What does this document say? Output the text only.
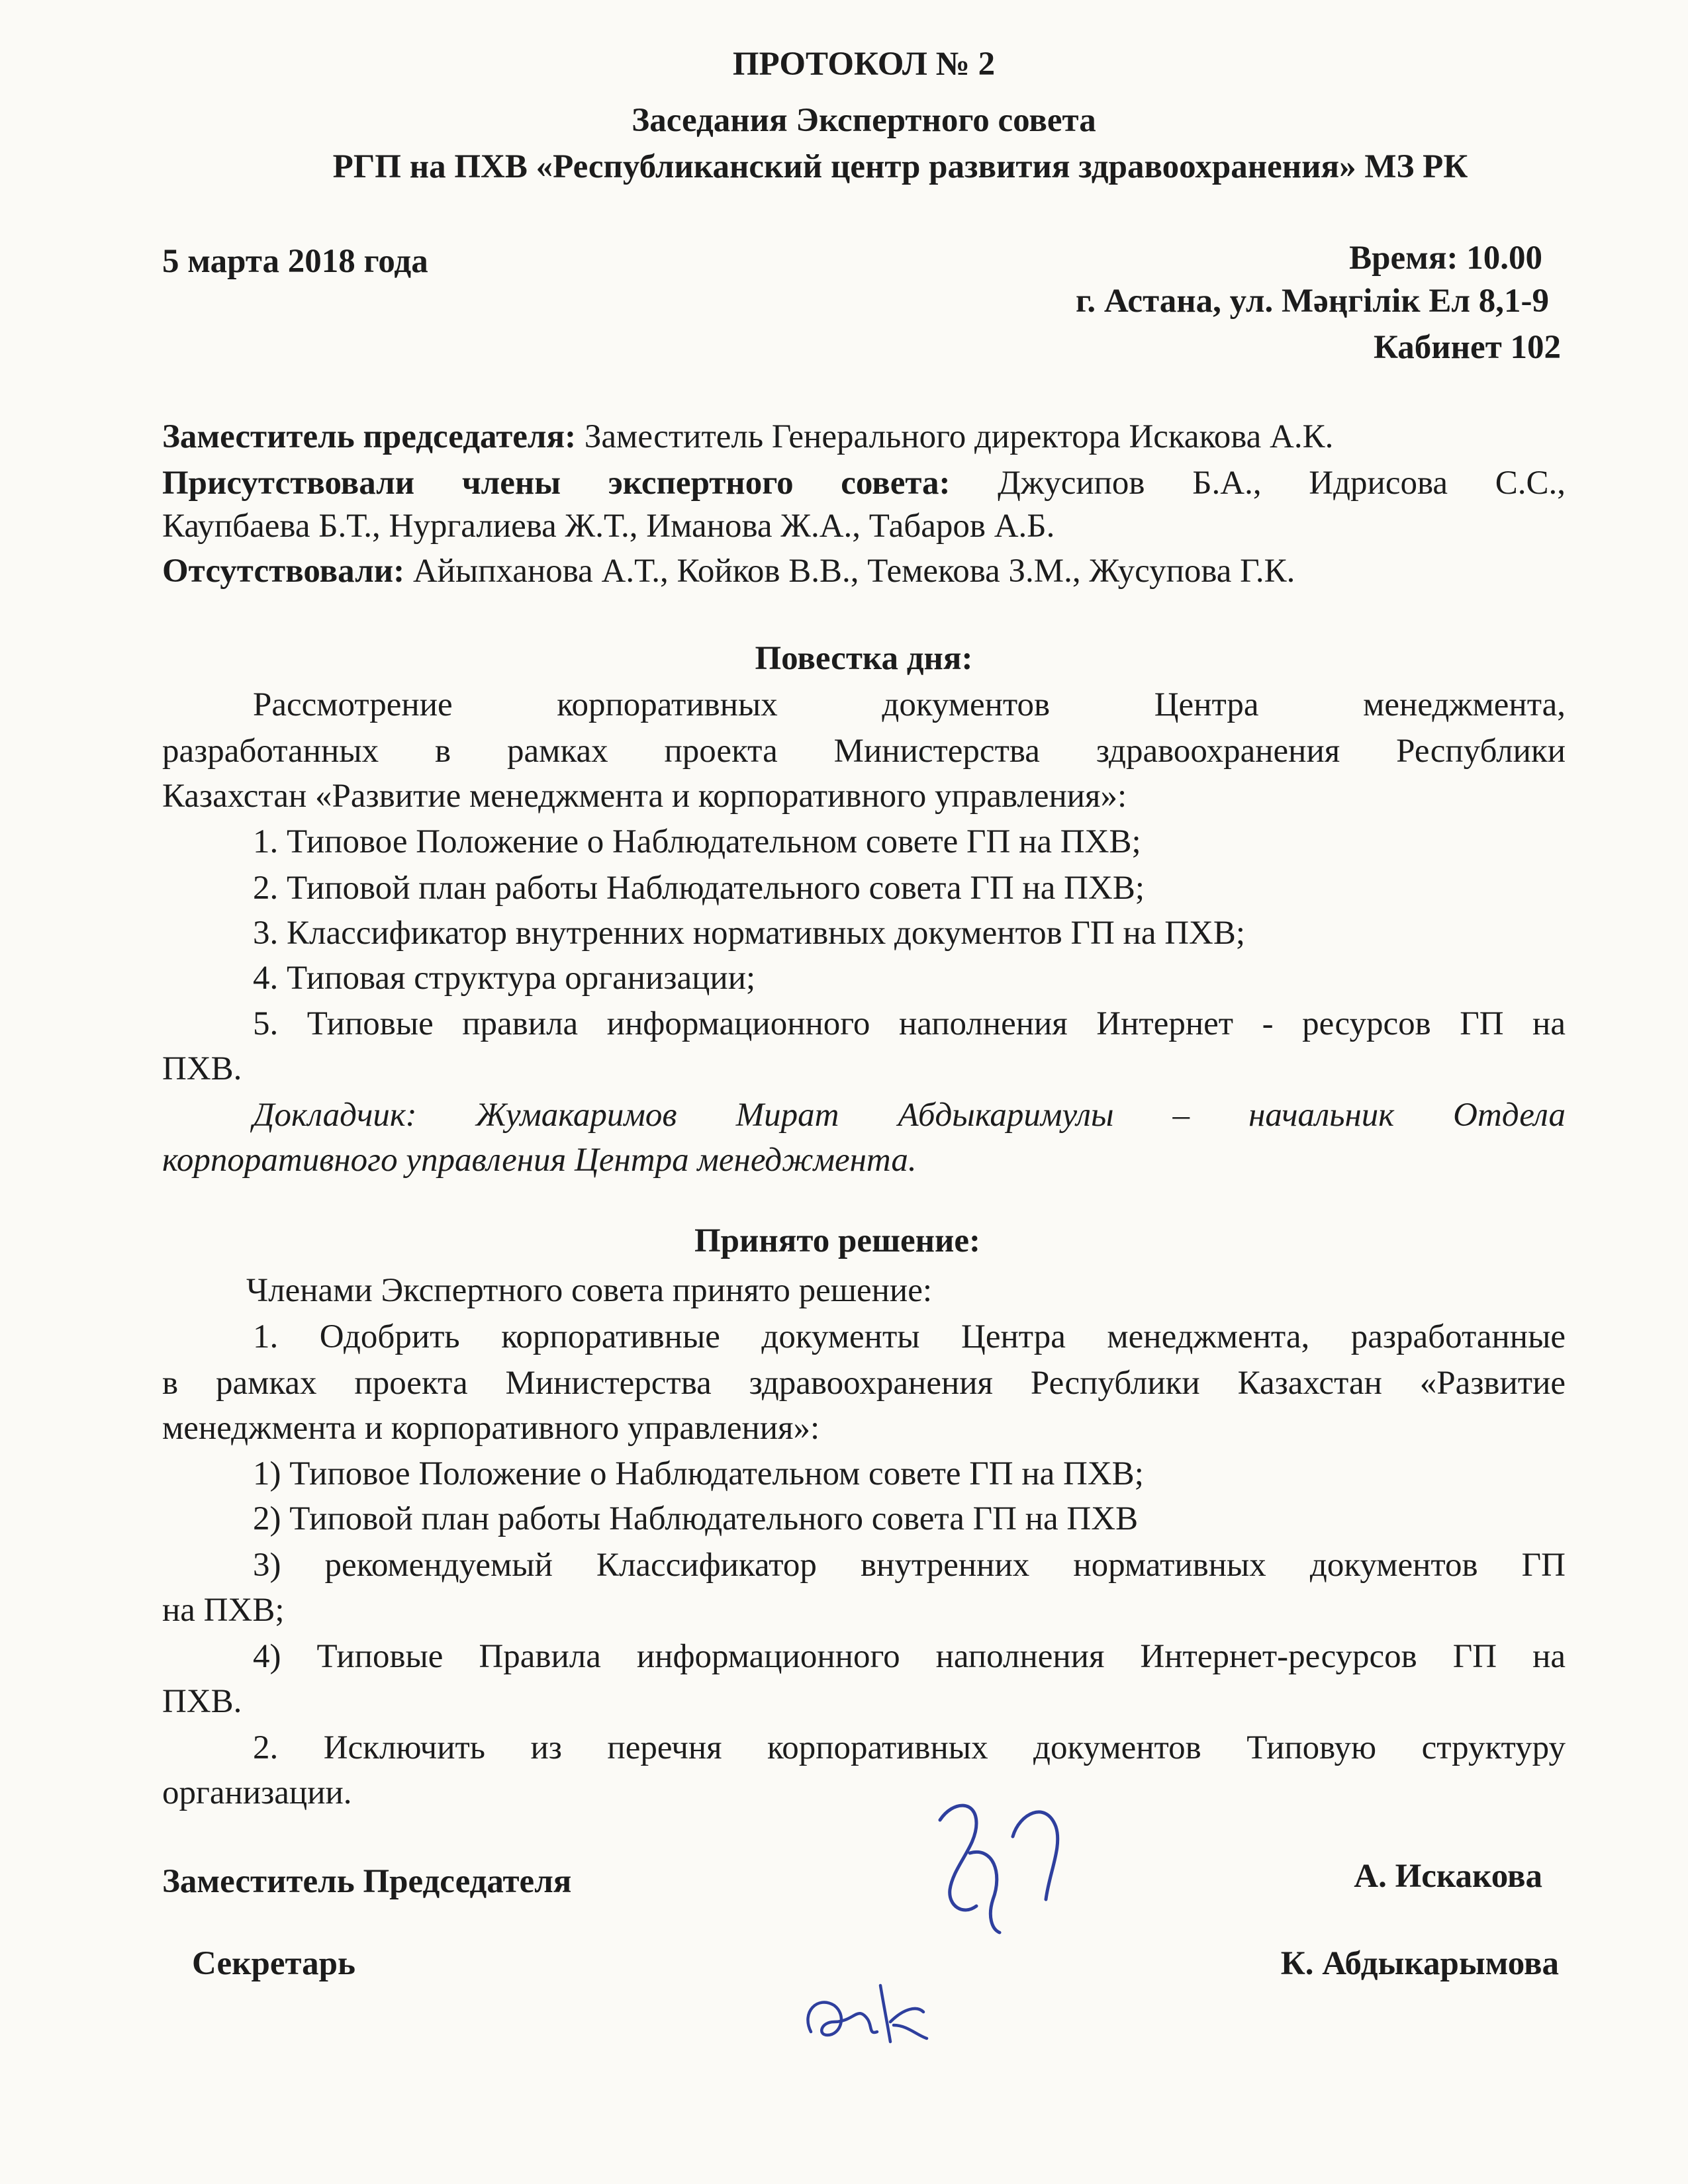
ПРОТОКОЛ № 2
Заседания Экспертного совета
РГП на ПХВ «Республиканский центр развития здравоохранения» МЗ РК
5 марта 2018 года	Время: 10.00
г. Астана, ул. Мәңгілік Ел 8,1-9
Кабинет 102
Заместитель председателя: Заместитель Генерального директора Искакова А.К.
Присутствовали члены экспертного совета: Джусипов Б.А., Идрисова С.С.,
Каупбаева Б.Т., Нургалиева Ж.Т., Иманова Ж.А., Табаров А.Б.
Отсутствовали: Айыпханова А.Т., Койков В.В., Темекова З.М., Жусупова Г.К.
Повестка дня:
Рассмотрение корпоративных документов Центра менеджмента,
разработанных в рамках проекта Министерства здравоохранения Республики
Казахстан «Развитие менеджмента и корпоративного управления»:
1. Типовое Положение о Наблюдательном совете ГП на ПХВ;
2. Типовой план работы Наблюдательного совета ГП на ПХВ;
3. Классификатор внутренних нормативных документов ГП на ПХВ;
4. Типовая структура организации;
5. Типовые правила информационного наполнения Интернет - ресурсов ГП на
ПХВ.
Докладчик: Жумакаримов Мират Абдыкаримулы – начальник Отдела
корпоративного управления Центра менеджмента.
Принято решение:
Членами Экспертного совета принято решение:
1. Одобрить корпоративные документы Центра менеджмента, разработанные
в рамках проекта Министерства здравоохранения Республики Казахстан «Развитие
менеджмента и корпоративного управления»:
1) Типовое Положение о Наблюдательном совете ГП на ПХВ;
2) Типовой план работы Наблюдательного совета ГП на ПХВ
3) рекомендуемый Классификатор внутренних нормативных документов ГП
на ПХВ;
4) Типовые Правила информационного наполнения Интернет-ресурсов ГП на
ПХВ.
2. Исключить из перечня корпоративных документов Типовую структуру
организации.
Заместитель Председателя	А. Искакова
Секретарь	К. Абдыкарымова
